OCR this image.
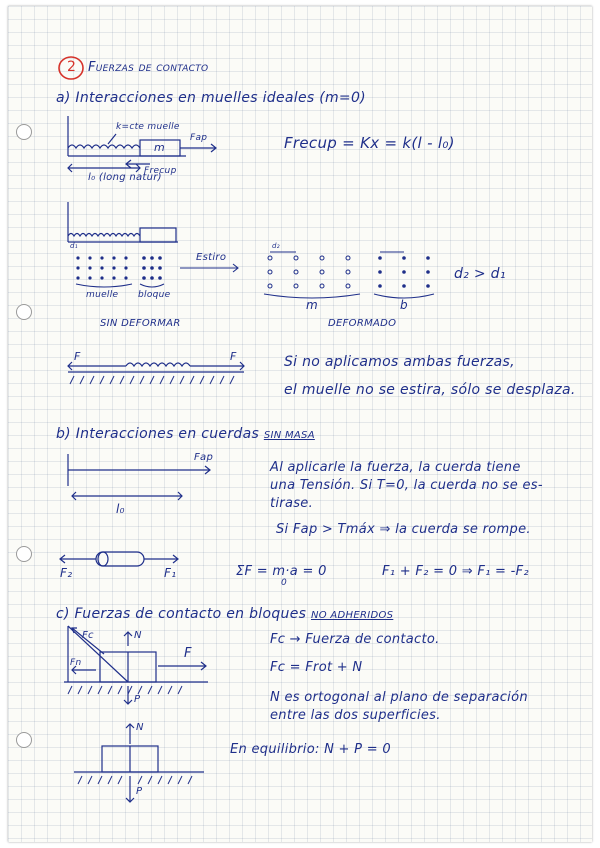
2 Fuerzas de contacto
a) Interacciones en muelles ideales (m=0)
k=cte muelle
m
Fap
Frecup
l₀ (long natur)
Frecup = Kx = k(l - l₀)
Estiro
d₁	d₂
muelle bloque
SIN DEFORMAR
m	b
DEFORMADO
d₂ > d₁
F	F	Si no aplicamos ambas fuerzas,
el muelle no se estira, sólo se desplaza.
b) Interacciones en cuerdas SIN MASA
Fap
l₀
Al aplicarle la fuerza, la cuerda tiene
una Tensión. Si T=0, la cuerda no se es-
tirase.
Si Fap > Tmáx ⇒ la cuerda se rompe.
F₂	F₁	ΣF = m·a = 0
0
F₁ + F₂ = 0 ⇒ F₁ = -F₂
c) Fuerzas de contacto en bloques NO ADHERIDOS
Fc	N
F
Fn
P
Fc → Fuerza de contacto.
Fc = Frot + N
N es ortogonal al plano de separación
entre las dos superficies.
N
P
En equilibrio: N + P = 0
